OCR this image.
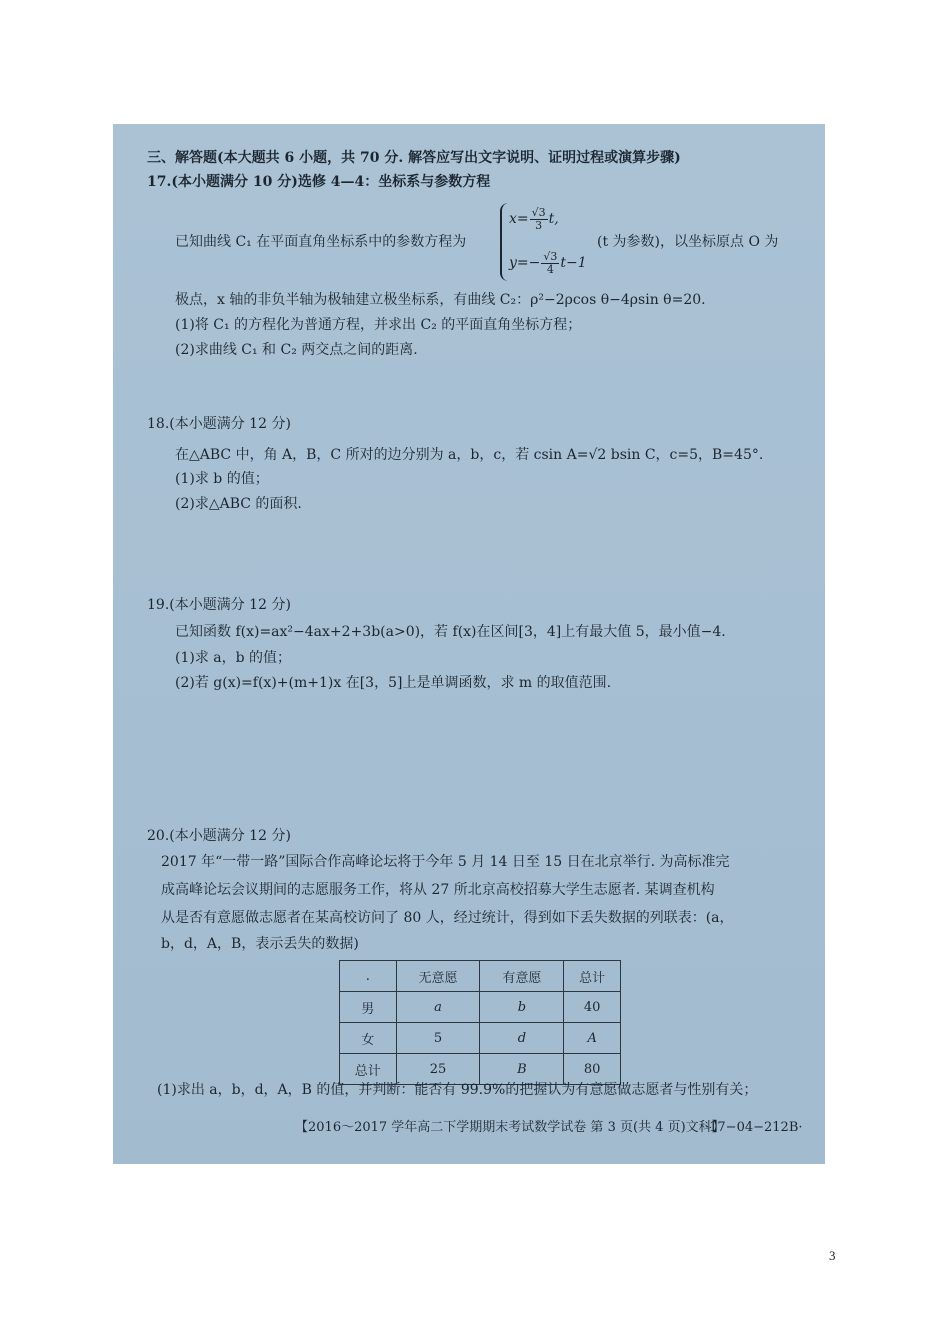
三、解答题(本大题共 6 小题，共 70 分. 解答应写出文字说明、证明过程或演算步骤)
17.(本小题满分 10 分)选修 4—4：坐标系与参数方程
已知曲线 C₁ 在平面直角坐标系中的参数方程为
$x= \frac{√3}{3} t$,
$y=- \frac{√3}{4} t-1$
(t 为参数)，以坐标原点 O 为
极点，x 轴的非负半轴为极轴建立极坐标系，有曲线 C₂：ρ²−2ρcos θ−4ρsin θ=20.
(1)将 C₁ 的方程化为普通方程，并求出 C₂ 的平面直角坐标方程；
(2)求曲线 C₁ 和 C₂ 两交点之间的距离.
18.(本小题满分 12 分)
在△ABC 中，角 A，B，C 所对的边分别为 a，b，c，若 csin A=√2 bsin C，c=5，B=45°.
(1)求 b 的值；
(2)求△ABC 的面积.
19.(本小题满分 12 分)
已知函数 f(x)=ax²−4ax+2+3b(a>0)，若 f(x)在区间[3，4]上有最大值 5，最小值−4.
(1)求 a，b 的值；
(2)若 g(x)=f(x)+(m+1)x 在[3，5]上是单调函数，求 m 的取值范围.
20.(本小题满分 12 分)
2017 年“一带一路”国际合作高峰论坛将于今年 5 月 14 日至 15 日在北京举行. 为高标准完
成高峰论坛会议期间的志愿服务工作，将从 27 所北京高校招募大学生志愿者. 某调查机构
从是否有意愿做志愿者在某高校访问了 80 人，经过统计，得到如下丢失数据的列联表：(a，
b，d，A，B，表示丢失的数据)
.	无意愿	有意愿	总计
男	a	b	40
女	5	d	A
总计	25	B	80
(1)求出 a，b，d，A，B 的值，并判断：能否有 99.9%的把握认为有意愿做志愿者与性别有关；
【2016～2017 学年高二下学期期末考试数学试卷 第 3 页(共 4 页)文科】
·17−04−212B·
3
